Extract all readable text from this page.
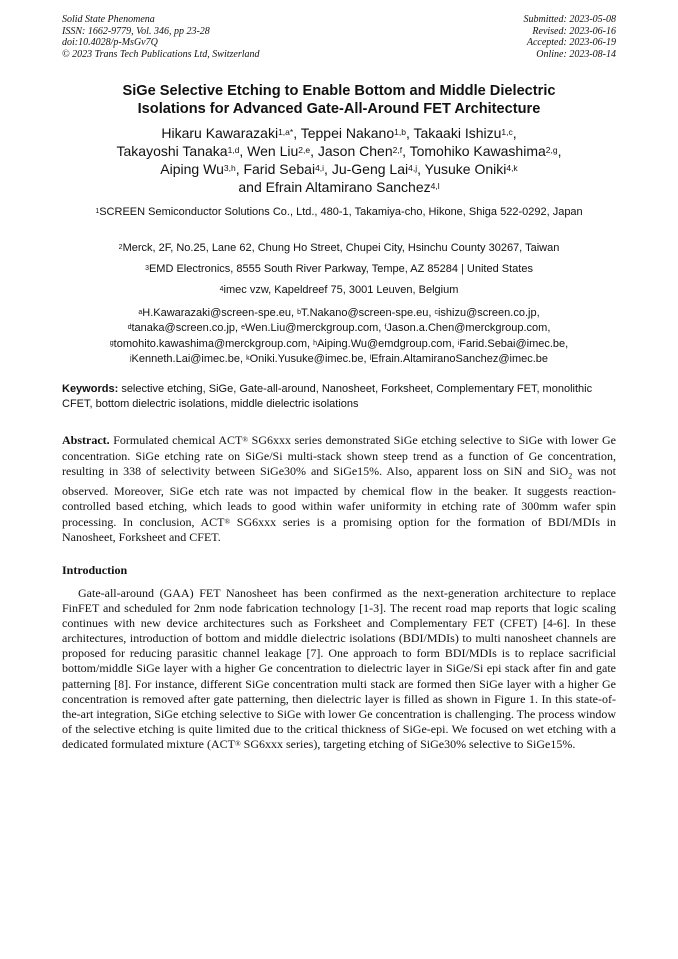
Solid State Phenomena
ISSN: 1662-9779, Vol. 346, pp 23-28
doi:10.4028/p-MsGv7Q
© 2023 Trans Tech Publications Ltd, Switzerland
Submitted: 2023-05-08
Revised: 2023-06-16
Accepted: 2023-06-19
Online: 2023-08-14
SiGe Selective Etching to Enable Bottom and Middle Dielectric
Isolations for Advanced Gate-All-Around FET Architecture
Hikaru Kawarazaki$^{1,a*}$, Teppei Nakano$^{1,b}$, Takaaki Ishizu$^{1,c}$,
Takayoshi Tanaka$^{1,d}$, Wen Liu$^{2,e}$, Jason Chen$^{2,f}$, Tomohiko Kawashima$^{2,g}$,
Aiping Wu$^{3,h}$, Farid Sebai$^{4,i}$, Ju-Geng Lai$^{4,j}$, Yusuke Oniki$^{4,k}$
and Efrain Altamirano Sanchez$^{4,l}$
$^1$SCREEN Semiconductor Solutions Co., Ltd., 480-1, Takamiya-cho, Hikone, Shiga 522-0292, Japan
$^2$Merck, 2F, No.25, Lane 62, Chung Ho Street, Chupei City, Hsinchu County 30267, Taiwan
$^3$EMD Electronics, 8555 South River Parkway, Tempe, AZ 85284 | United States
$^4$imec vzw, Kapeldreef 75, 3001 Leuven, Belgium
$^a$H.Kawarazaki@screen-spe.eu, $^b$T.Nakano@screen-spe.eu, $^c$ishizu@screen.co.jp,
$^d$tanaka@screen.co.jp, $^e$Wen.Liu@merckgroup.com, $^f$Jason.a.Chen@merckgroup.com,
$^g$tomohito.kawashima@merckgroup.com, $^h$Aiping.Wu@emdgroup.com, $^i$Farid.Sebai@imec.be,
$^j$Kenneth.Lai@imec.be, $^k$Oniki.Yusuke@imec.be, $^l$Efrain.AltamiranoSanchez@imec.be
Keywords: selective etching, SiGe, Gate-all-around, Nanosheet, Forksheet, Complementary FET, monolithic CFET, bottom dielectric isolations, middle dielectric isolations
Abstract. Formulated chemical ACT® SG6xxx series demonstrated SiGe etching selective to SiGe with lower Ge concentration. SiGe etching rate on SiGe/Si multi-stack shown steep trend as a function of Ge concentration, resulting in 338 of selectivity between SiGe30% and SiGe15%. Also, apparent loss on SiN and SiO$_2$ was not observed. Moreover, SiGe etch rate was not impacted by chemical flow in the beaker. It suggests reaction-controlled based etching, which leads to good within wafer uniformity in etching rate of 300mm wafer spin processing. In conclusion, ACT® SG6xxx series is a promising option for the formation of BDI/MDIs in Nanosheet, Forksheet and CFET.
Introduction
Gate-all-around (GAA) FET Nanosheet has been confirmed as the next-generation architecture to replace FinFET and scheduled for 2nm node fabrication technology [1-3]. The recent road map reports that logic scaling continues with new device architectures such as Forksheet and Complementary FET (CFET) [4-6]. In these architectures, introduction of bottom and middle dielectric isolations (BDI/MDIs) to multi nanosheet channels are proposed for reducing parasitic channel leakage [7]. One approach to form BDI/MDIs is to replace sacrificial bottom/middle SiGe layer with a higher Ge concentration to dielectric layer in SiGe/Si epi stack after fin and gate patterning [8]. For instance, different SiGe concentration multi stack are formed then SiGe layer with a higher Ge concentration is removed after gate patterning, then dielectric layer is filled as shown in Figure 1. In this state-of-the-art integration, SiGe etching selective to SiGe with lower Ge concentration is challenging. The process window of the selective etching is quite limited due to the critical thickness of SiGe-epi. We focused on wet etching with a dedicated formulated mixture (ACT® SG6xxx series), targeting etching of SiGe30% selective to SiGe15%.
